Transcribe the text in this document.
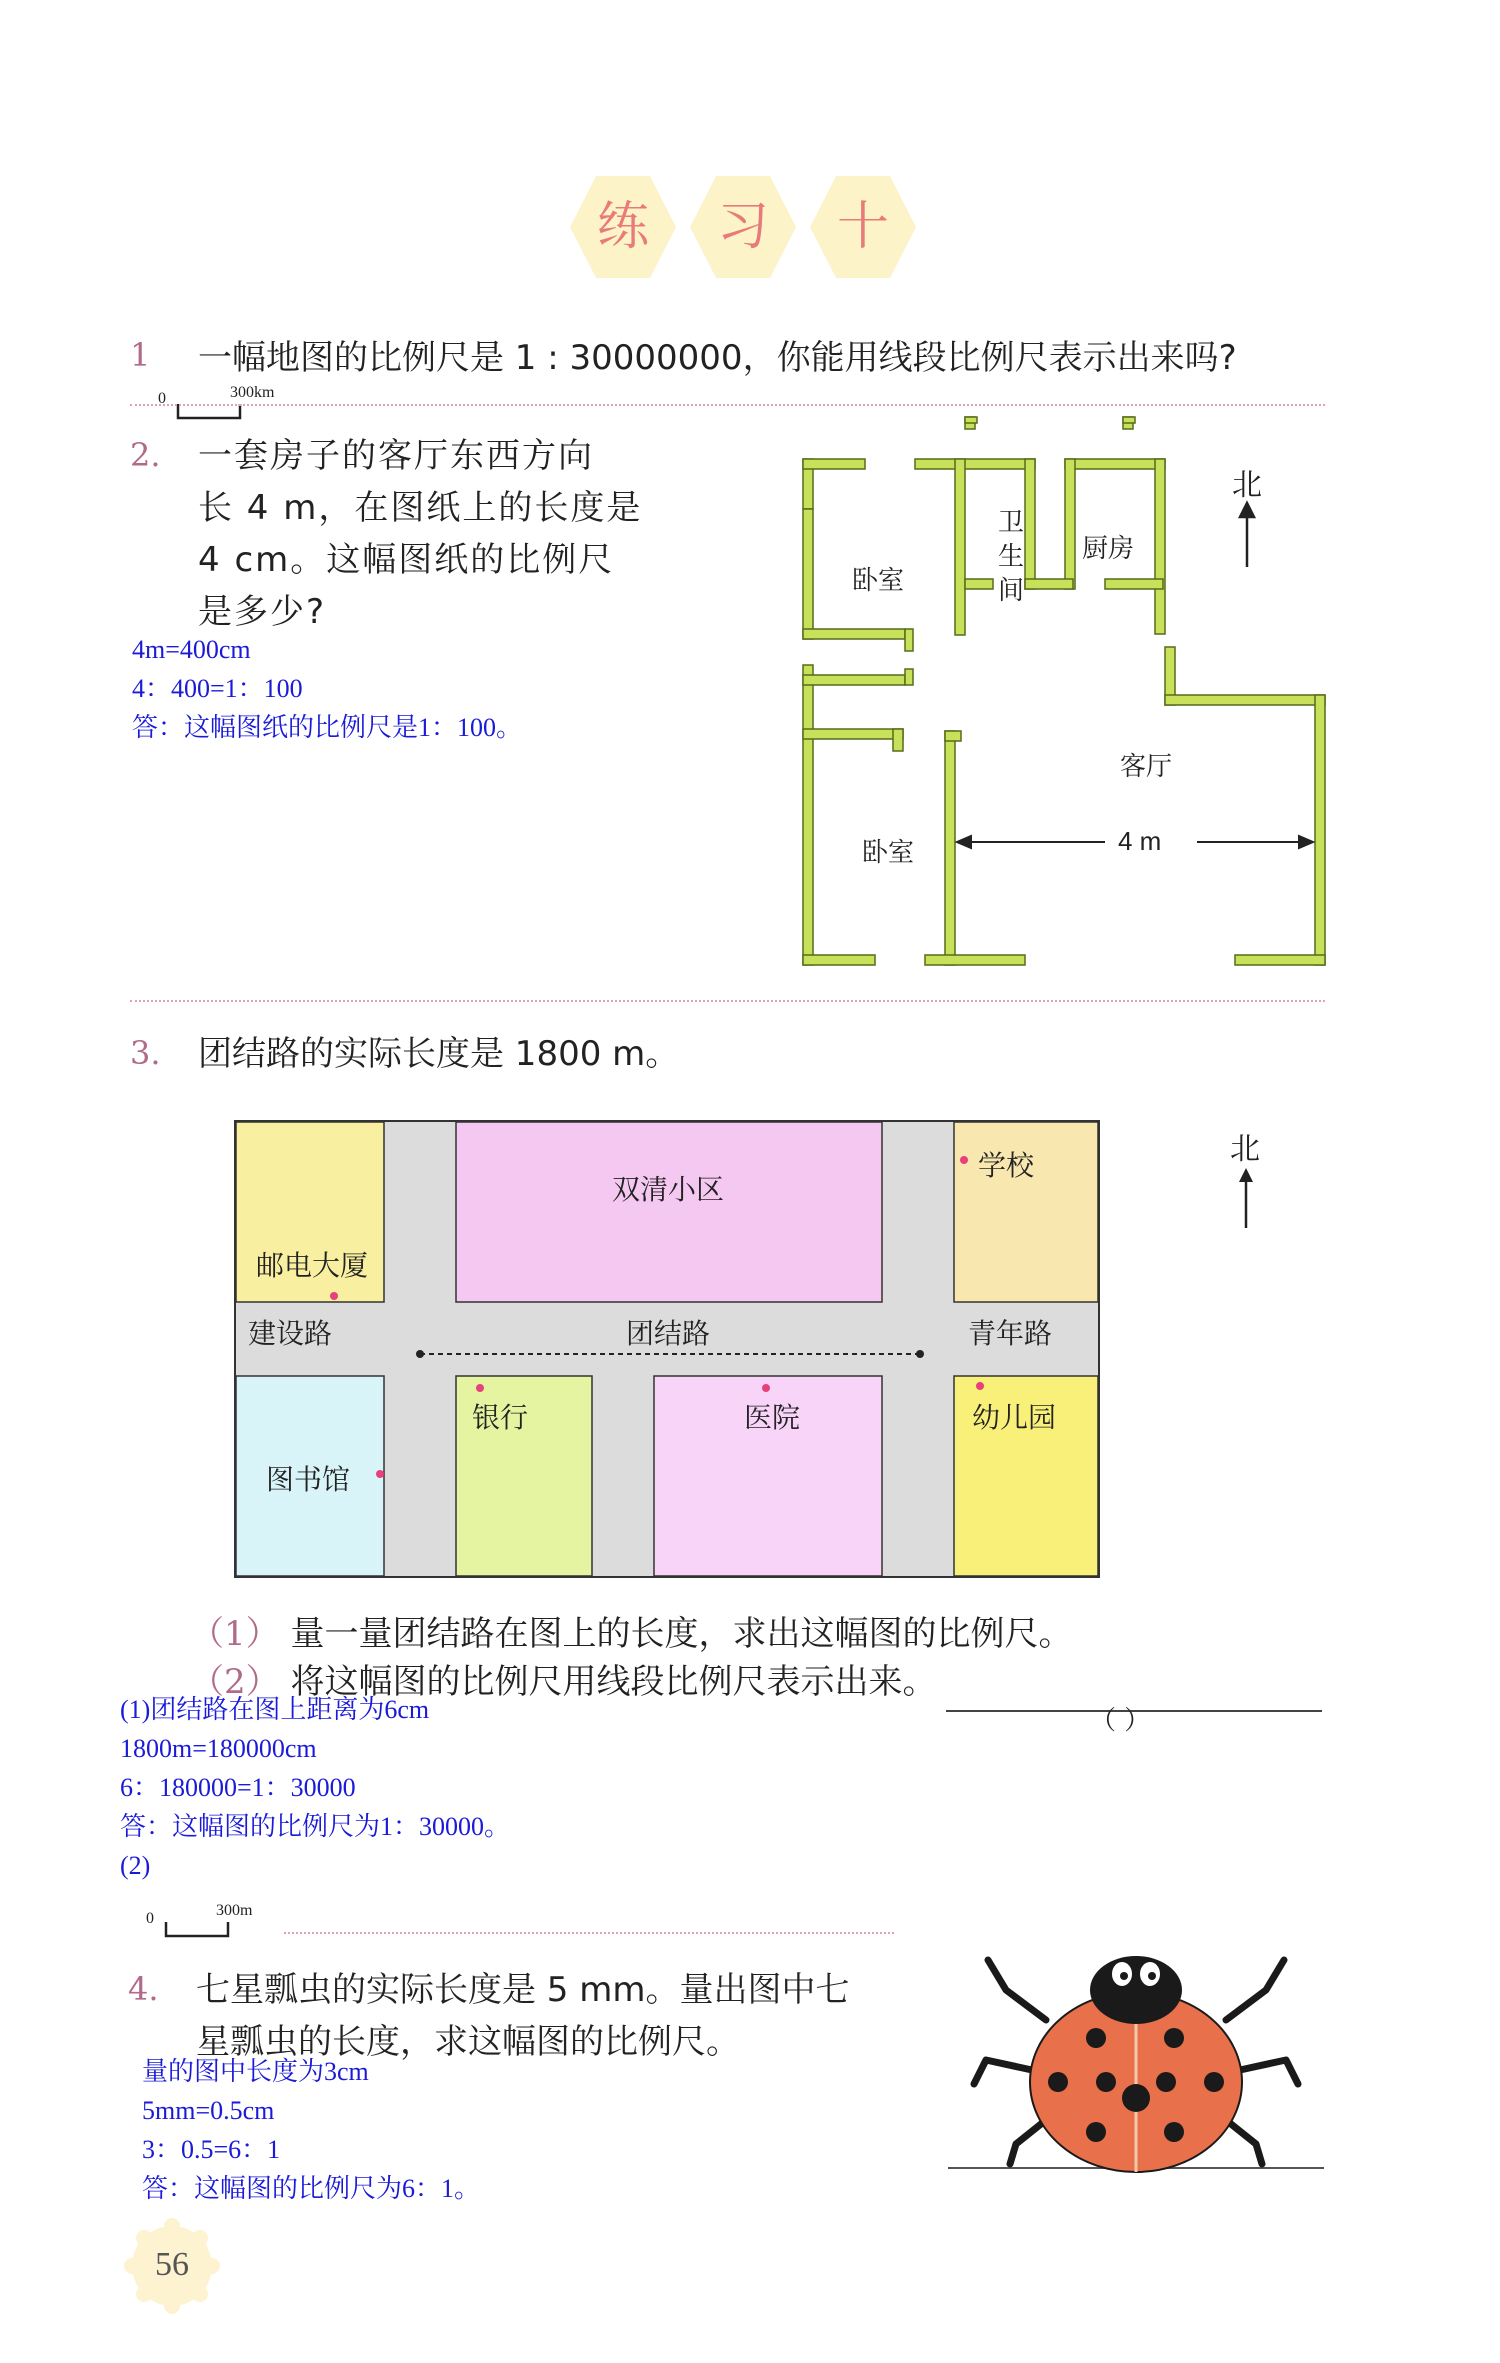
练	习	十
1 一幅地图的比例尺是 1 : 30000000，你能用线段比例尺表示出来吗?
0	300km
2. 一套房子的客厅东西方向
长 4 m，在图纸上的长度是
4 cm。这幅图纸的比例尺
是多少?
4m=400cm
4：400=1：100
答：这幅图纸的比例尺是1：100。
卧室
卫
生
间
厨房
客厅
卧室	4 m
北
3. 团结路的实际长度是 1800 m。
双清小区
学校
邮电大厦
建设路	团结路	青年路
银行	医院	幼儿园
图书馆
北
（1） 量一量团结路在图上的长度，求出这幅图的比例尺。
（2） 将这幅图的比例尺用线段比例尺表示出来。
（ ）
(1)团结路在图上距离为6cm
1800m=180000cm
6：180000=1：30000
答：这幅图的比例尺为1：30000。
(2)
0	300m
4. 七星瓢虫的实际长度是 5 mm。量出图中七
星瓢虫的长度，求这幅图的比例尺。
量的图中长度为3cm
5mm=0.5cm
3：0.5=6：1
答：这幅图的比例尺为6：1。
56
